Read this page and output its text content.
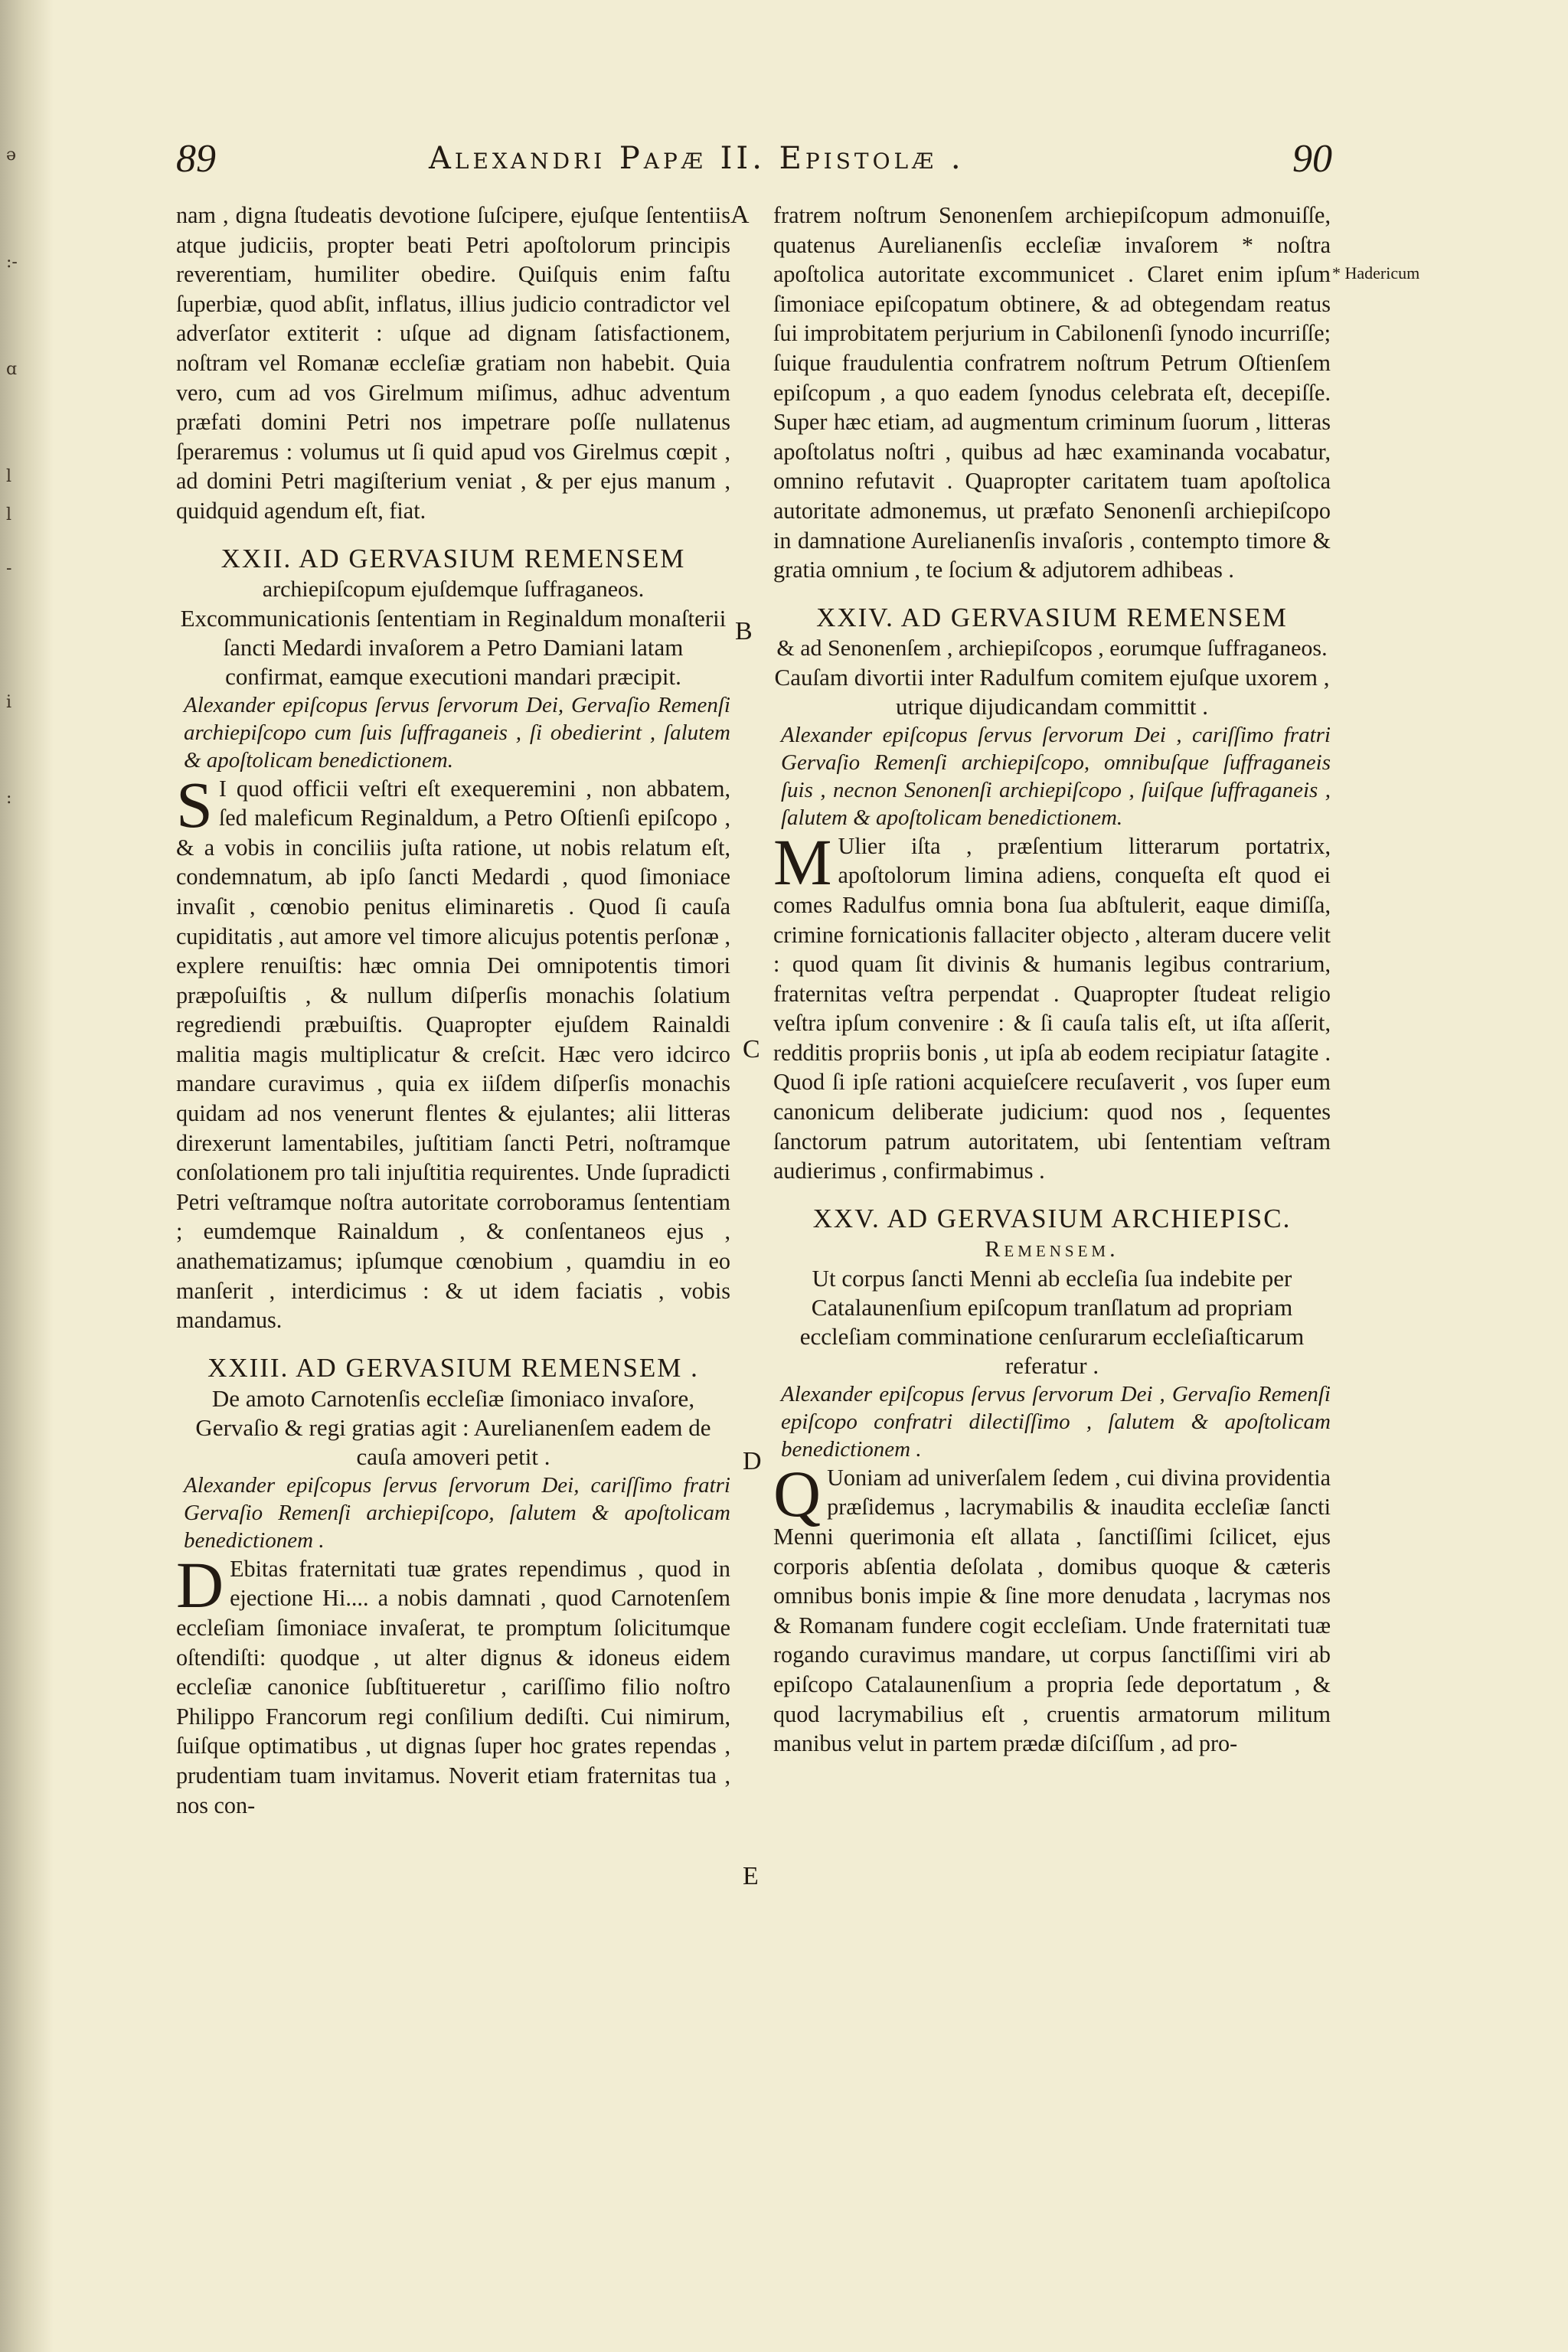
ə
:-
ɑ
l
l
-
i
:
89	Alexandri Papæ II. Epistolæ .	90
* Hadericum
A
B
C
D
E

nam , digna ſtudeatis devotione ſuſcipere, ejuſque ſententiis atque judiciis, propter beati Petri apoſtolorum principis reverentiam, humiliter obedire. Quiſquis enim faſtu ſuperbiæ, quod abſit, inflatus, illius judicio contradictor vel adverſator extiterit : uſque ad dignam ſatisfactionem, noſtram vel Romanæ eccleſiæ gratiam non habebit. Quia vero, cum ad vos Girelmum miſimus, adhuc adventum præfati domini Petri nos impetrare poſſe nullatenus ſperaremus : volumus ut ſi quid apud vos Girelmus cœpit , ad domini Petri magiſterium veniat , & per ejus manum , quidquid agendum eſt, fiat.

XXII. AD GERVASIUM REMENSEM
archiepiſcopum ejuſdemque ſuffraganeos.

Excommunicationis ſententiam in Reginaldum monaſterii ſancti Medardi invaſorem a Petro Damiani latam confirmat, eamque executioni mandari præcipit.

Alexander epiſcopus ſervus ſervorum Dei, Gervaſio Remenſi archiepiſcopo cum ſuis ſuffraganeis , ſi obedierint , ſalutem & apoſtolicam benedictionem.

S I quod officii veſtri eſt exequeremini , non abbatem, ſed maleficum Reginaldum, a Petro Oſtienſi epiſcopo , & a vobis in conciliis juſta ratione, ut nobis relatum eſt, condemnatum, ab ipſo ſancti Medardi , quod ſimoniace invaſit , cœnobio penitus eliminaretis . Quod ſi cauſa cupiditatis , aut amore vel timore alicujus potentis perſonæ , explere renuiſtis: hæc omnia Dei omnipotentis timori præpoſuiſtis , & nullum diſperſis monachis ſolatium regrediendi præbuiſtis. Quapropter ejuſdem Rainaldi malitia magis multiplicatur & creſcit. Hæc vero idcirco mandare curavimus , quia ex iiſdem diſperſis monachis quidam ad nos venerunt flentes & ejulantes; alii litteras direxerunt lamentabiles, juſtitiam ſancti Petri, noſtramque conſolationem pro tali injuſtitia requirentes. Unde ſupradicti Petri veſtramque noſtra autoritate corroboramus ſententiam ; eumdemque Rainaldum , & conſentaneos ejus , anathematizamus; ipſumque cœnobium , quamdiu in eo manſerit , interdicimus : & ut idem faciatis , vobis mandamus.

XXIII. AD GERVASIUM REMENSEM .

De amoto Carnotenſis eccleſiæ ſimoniaco invaſore, Gervaſio & regi gratias agit : Aurelianenſem eadem de cauſa amoveri petit .

Alexander epiſcopus ſervus ſervorum Dei, cariſſimo fratri Gervaſio Remenſi archiepiſcopo, ſalutem & apoſtolicam benedictionem .

D Ebitas fraternitati tuæ grates rependimus , quod in ejectione Hi.... a nobis damnati , quod Carnotenſem eccleſiam ſimoniace invaſerat, te promptum ſolicitumque oſtendiſti: quodque , ut alter dignus & idoneus eidem eccleſiæ canonice ſubſtitueretur , cariſſimo filio noſtro Philippo Francorum regi conſilium dediſti. Cui nimirum, ſuiſque optimatibus , ut dignas ſuper hoc grates rependas , prudentiam tuam invitamus. Noverit etiam fraternitas tua , nos con-

fratrem noſtrum Senonenſem archiepiſcopum admonuiſſe, quatenus Aurelianenſis eccleſiæ invaſorem * noſtra apoſtolica autoritate excommunicet . Claret enim ipſum ſimoniace epiſcopatum obtinere, & ad obtegendam reatus ſui improbitatem perjurium in Cabilonenſi ſynodo incurriſſe; ſuique fraudulentia confratrem noſtrum Petrum Oſtienſem epiſcopum , a quo eadem ſynodus celebrata eſt, decepiſſe. Super hæc etiam, ad augmentum criminum ſuorum , litteras apoſtolatus noſtri , quibus ad hæc examinanda vocabatur, omnino refutavit . Quapropter caritatem tuam apoſtolica autoritate admonemus, ut præfato Senonenſi archiepiſcopo in damnatione Aurelianenſis invaſoris , contempto timore & gratia omnium , te ſocium & adjutorem adhibeas .

XXIV. AD GERVASIUM REMENSEM
& ad Senonenſem , archiepiſcopos , eorumque ſuffraganeos.

Cauſam divortii inter Radulfum comitem ejuſque uxorem , utrique dijudicandam committit .

Alexander epiſcopus ſervus ſervorum Dei , cariſſimo fratri Gervaſio Remenſi archiepiſcopo, omnibuſque ſuffraganeis ſuis , necnon Senonenſi archiepiſcopo , ſuiſque ſuffraganeis , ſalutem & apoſtolicam benedictionem.

M Ulier iſta , præſentium litterarum portatrix, apoſtolorum limina adiens, conqueſta eſt quod ei comes Radulfus omnia bona ſua abſtulerit, eaque dimiſſa, crimine fornicationis fallaciter objecto , alteram ducere velit : quod quam ſit divinis & humanis legibus contrarium, fraternitas veſtra perpendat . Quapropter ſtudeat religio veſtra ipſum convenire : & ſi cauſa talis eſt, ut iſta aſſerit, redditis propriis bonis , ut ipſa ab eodem recipiatur ſatagite . Quod ſi ipſe rationi acquieſcere recuſaverit , vos ſuper eum canonicum deliberate judicium: quod nos , ſequentes ſanctorum patrum autoritatem, ubi ſententiam veſtram audierimus , confirmabimus .

XXV. AD GERVASIUM ARCHIEPISC.
Remensem.

Ut corpus ſancti Menni ab eccleſia ſua indebite per Catalaunenſium epiſcopum tranſlatum ad propriam eccleſiam comminatione cenſurarum eccleſiaſticarum referatur .

Alexander epiſcopus ſervus ſervorum Dei , Gervaſio Remenſi epiſcopo confratri dilectiſſimo , ſalutem & apoſtolicam benedictionem .

Q Uoniam ad univerſalem ſedem , cui divina providentia præſidemus , lacrymabilis & inaudita eccleſiæ ſancti Menni querimonia eſt allata , ſanctiſſimi ſcilicet, ejus corporis abſentia deſolata , domibus quoque & cæteris omnibus bonis impie & ſine more denudata , lacrymas nos & Romanam fundere cogit eccleſiam. Unde fraternitati tuæ rogando curavimus mandare, ut corpus ſanctiſſimi viri ab epiſcopo Catalaunenſium a propria ſede deportatum , & quod lacrymabilius eſt , cruentis armatorum militum manibus velut in partem prædæ diſciſſum , ad pro-
